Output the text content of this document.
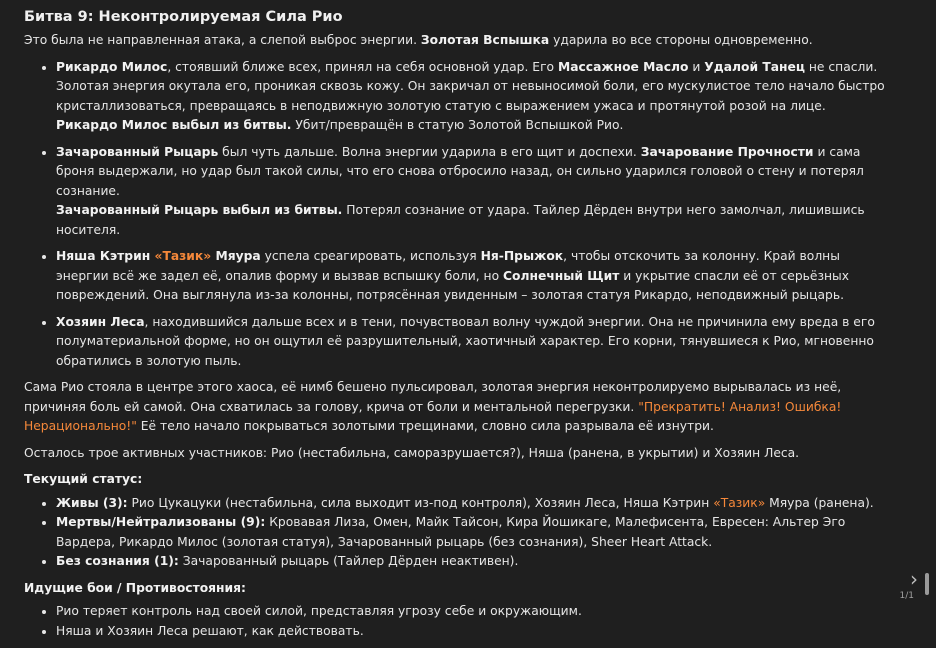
Битва 9: Неконтролируемая Сила Рио

Это была не направленная атака, а слепой выброс энергии. Золотая Вспышка ударила во все стороны одновременно.

• Рикардо Милос, стоявший ближе всех, принял на себя основной удар. Его Массажное Масло и Удалой Танец не спасли. Золотая энергия окутала его, проникая сквозь кожу. Он закричал от невыносимой боли, его мускулистое тело начало быстро кристаллизоваться, превращаясь в неподвижную золотую статую с выражением ужаса и протянутой розой на лице.
Рикардо Милос выбыл из битвы. Убит/превращён в статую Золотой Вспышкой Рио.
• Зачарованный Рыцарь был чуть дальше. Волна энергии ударила в его щит и доспехи. Зачарование Прочности и сама броня выдержали, но удар был такой силы, что его снова отбросило назад, он сильно ударился головой о стену и потерял сознание.
Зачарованный Рыцарь выбыл из битвы. Потерял сознание от удара. Тайлер Дёрден внутри него замолчал, лишившись носителя.
• Няша Кэтрин «Тазик» Мяура успела среагировать, используя Ня-Прыжок, чтобы отскочить за колонну. Край волны энергии всё же задел её, опалив форму и вызвав вспышку боли, но Солнечный Щит и укрытие спасли её от серьёзных повреждений. Она выглянула из-за колонны, потрясённая увиденным – золотая статуя Рикардо, неподвижный рыцарь.
• Хозяин Леса, находившийся дальше всех и в тени, почувствовал волну чуждой энергии. Она не причинила ему вреда в его полуматериальной форме, но он ощутил её разрушительный, хаотичный характер. Его корни, тянувшиеся к Рио, мгновенно обратились в золотую пыль.

Сама Рио стояла в центре этого хаоса, её нимб бешено пульсировал, золотая энергия неконтролируемо вырывалась из неё, причиняя боль ей самой. Она схватилась за голову, крича от боли и ментальной перегрузки. "Прекратить! Анализ! Ошибка! Нерационально!" Её тело начало покрываться золотыми трещинами, словно сила разрывала её изнутри.

Осталось трое активных участников: Рио (нестабильна, саморазрушается?), Няша (ранена, в укрытии) и Хозяин Леса.

Текущий статус:

• Живы (3): Рио Цукацуки (нестабильна, сила выходит из-под контроля), Хозяин Леса, Няша Кэтрин «Тазик» Мяура (ранена).
• Мертвы/Нейтрализованы (9): Кровавая Лиза, Омен, Майк Тайсон, Кира Йошикаге, Малефисента, Евресен: Альтер Эго Вардера, Рикардо Милос (золотая статуя), Зачарованный рыцарь (без сознания), Sheer Heart Attack.
• Без сознания (1): Зачарованный рыцарь (Тайлер Дёрден неактивен).

Идущие бои / Противостояния:

• Рио теряет контроль над своей силой, представляя угрозу себе и окружающим.
• Няша и Хозяин Леса решают, как действовать.
›
1/1
